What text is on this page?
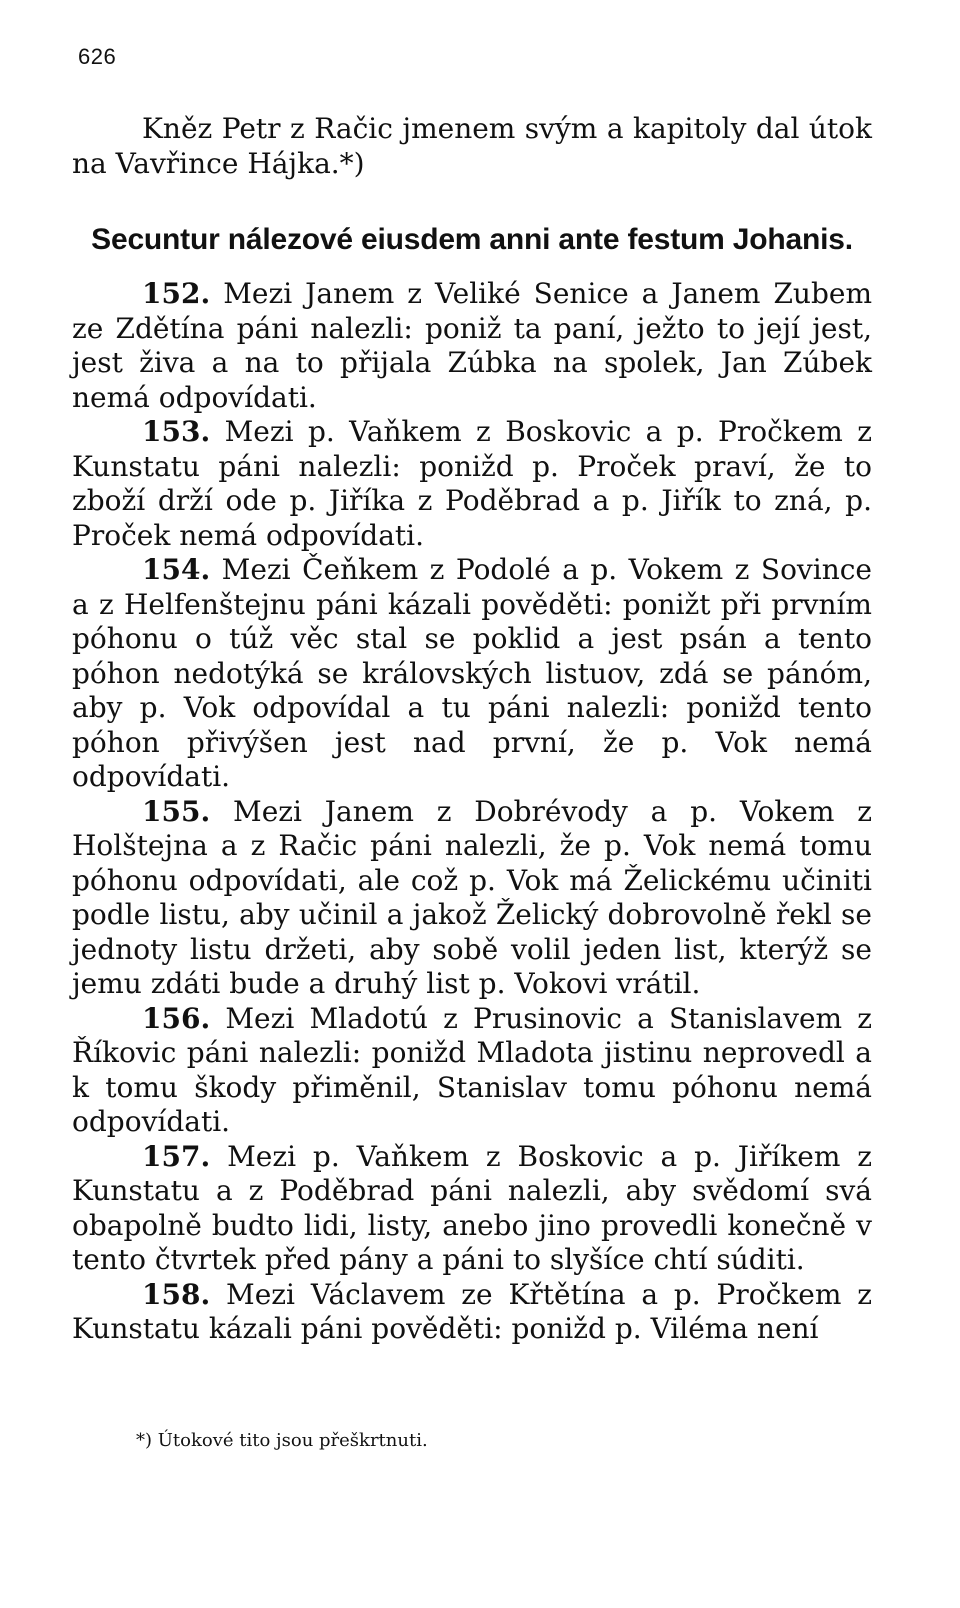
626

Kněz Petr z Račic jmenem svým a kapitoly dal útok na Vavřince Hájka.*)

Secuntur nálezové eiusdem anni ante festum Johanis.

152. Mezi Janem z Veliké Senice a Janem Zubem ze Zdětína páni nalezli: poniž ta paní, ježto to její jest, jest živa a na to přijala Zúbka na spolek, Jan Zúbek nemá odpovídati.

153. Mezi p. Vaňkem z Boskovic a p. Pročkem z Kunstatu páni nalezli: ponižd p. Proček praví, že to zboží drží ode p. Jiříka z Poděbrad a p. Jiřík to zná, p. Proček nemá odpovídati.

154. Mezi Čeňkem z Podolé a p. Vokem z Sovince a z Helfenštejnu páni kázali pověděti: ponižt při prvním póhonu o túž věc stal se poklid a jest psán a tento póhon nedotýká se královských listuov, zdá se pánóm, aby p. Vok odpovídal a tu páni nalezli: ponižd tento póhon přivýšen jest nad první, že p. Vok nemá odpovídati.

155. Mezi Janem z Dobrévody a p. Vokem z Holštejna a z Račic páni nalezli, že p. Vok nemá tomu póhonu odpovídati, ale což p. Vok má Želickému učiniti podle listu, aby učinil a jakož Želický dobrovolně řekl se jednoty listu držeti, aby sobě volil jeden list, kterýž se jemu zdáti bude a druhý list p. Vokovi vrátil.

156. Mezi Mladotú z Prusinovic a Stanislavem z Říkovic páni nalezli: ponižd Mladota jistinu neprovedl a k tomu škody přiměnil, Stanislav tomu póhonu nemá odpovídati.

157. Mezi p. Vaňkem z Boskovic a p. Jiříkem z Kunstatu a z Poděbrad páni nalezli, aby svědomí svá obapolně budto lidi, listy, anebo jino provedli konečně v tento čtvrtek před pány a páni to slyšíce chtí súditi.

158. Mezi Václavem ze Křtětína a p. Pročkem z Kunstatu kázali páni pověděti: ponižd p. Viléma není

*) Útokové tito jsou přeškrtnuti.
